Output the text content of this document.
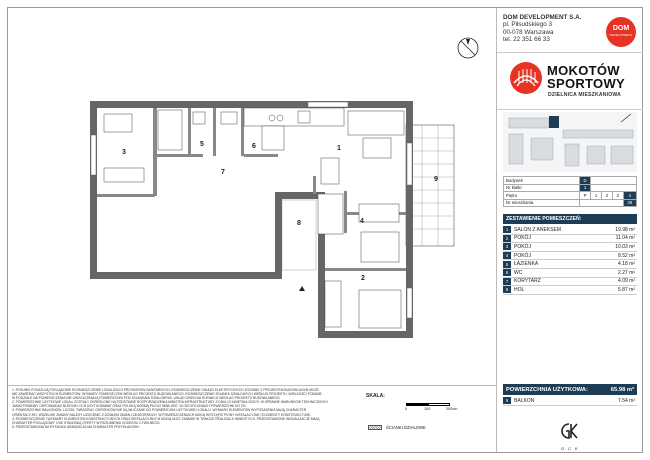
1
2
3
4
5	6
7
8
9
1. RYSUNKI POKAZUJĄ POGLĄDOWE ROZMIESZCZENIE LOKALIZACJI PRZYBORÓW SANITARNYCH, ROZMIESZCZENIE GNIAZD ELEKTRYCZNYCH ZGODNIE Z PROJEKTEM BUDOWLANYM MOŻE
NIE ZAWIERAĆ WSZYSTKICH ELEMENTÓW. WYMIARY POMIESZCZEŃ WEDŁUG PROJEKTU BUDOWLANEGO. ROZMIESZCZENIE ŚCIANEK DZIAŁOWYCH WEDŁUG PROJEKTU. WIELKOŚCI PODANE
W PODZIALE NA POMIESZCZENIA NIE UWZGLĘDNIAJĄ POWIERZCHNI POD ŚCIANKAMI DZIAŁOWYMI. UKŁAD OKIEN NA ELEWACJI WEDŁUG PROJEKTU BUDOWLANEGO.
2. POWIERZCHNIE UŻYTKOWE LOKALI ZOSTAŁY OKREŚLONE NA PODSTAWIE ROZPORZĄDZENIA MINISTRA INFRASTRUKTURY Z DNIA 12 KWIETNIA 2002 R. W SPRAWIE WARUNKÓW TECHNICZNYCH
JAKIM POWINNY ODPOWIADAĆ BUDYNKI I ICH USYTUOWANIE ORAZ POLSKĄ NORMĄ PN-ISO 9836:1997. W ODCHYLENIACH POWIERZCHNI DO 2%.
3. POWIERZCHNIE BALKONÓW, LOGGII, TARASÓW I OGRÓDKÓW NIE SĄ WLICZANE DO POWIERZCHNI UŻYTKOWEJ LOKALU. WYMIARY ELEMENTÓW WYPOSAŻENIA MAJĄ CHARAKTER
ORIENTACYJNY. WSZELKIE ZMIANY NALEŻY UZGODNIĆ Z DZIAŁEM ZMIAN LOKATORSKICH. W POMIESZCZENIACH MOGĄ WYSTĄPIĆ PIONY INSTALACYJNE I ELEMENTY KONSTRUKCYJNE.
4. ROZMIESZCZENIE I WYMIARY ELEMENTÓW KONSTRUKCYJNYCH ORAZ INSTALACYJNYCH MOGĄ ULEC ZMIANIE W TRAKCIE REALIZACJI INWESTYCJI. PRZEDSTAWIONE WIZUALIZACJE MAJĄ
CHARAKTER POGLĄDOWY I NIE STANOWIĄ OFERTY W ROZUMIENIU KODEKSU CYWILNEGO.
5. PRZEDSTAWIONA NA RYSUNKU ARANŻACJA MA CHARAKTER PRZYKŁADOWY.
SKALA:
0	100	200cm
ŚCIANKI DZIAŁOWE
DOM DEVELOPMENT S.A.
pl. Piłsudskiego 3
00-078 Warszawa
tel. 22 351 66 33
DOM
DEVELOPMENT
MOKOTÓW
SPORTOWY
DZIELNICA MIESZKANIOWA
Budynek	D				
Nr klatki	1				
Piętro	P	1	2	3	4
Nr mieszkania					28
ZESTAWIENIE POMIESZCZEŃ:
1	SALON Z ANEKSEM	19.98 m²
2	POKÓJ	11.04 m²
3	POKÓJ	10.03 m²
4	POKÓJ	8.52 m²
5	ŁAZIENKA	4.18 m²
6	WC	2.27 m²
7	KORYTARZ	4.09 m²
8	HOL	5.87 m²
POWIERZCHNIA UŻYTKOWA:	65.98 m²
9	BALKON	7.54 m²
G C K
